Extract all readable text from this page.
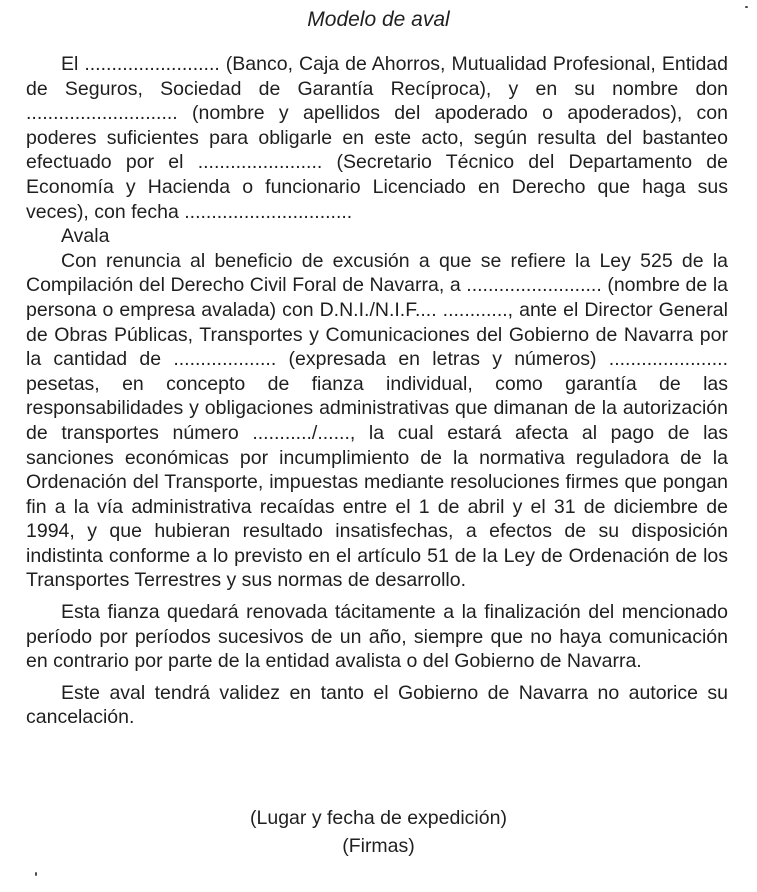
Modelo de aval

El ......................... (Banco, Caja de Ahorros, Mutualidad Profesional, Entidad de Seguros, Sociedad de Garantía Recíproca), y en su nombre don ............................ (nombre y apellidos del apoderado o apoderados), con poderes suficientes para obligarle en este acto, según resulta del bastanteo efectuado por el ....................... (Secretario Técnico del Departamento de Economía y Hacienda o funcionario Licenciado en Derecho que haga sus veces), con fecha ...............................

Avala

Con renuncia al beneficio de excusión a que se refiere la Ley 525 de la Compilación del Derecho Civil Foral de Navarra, a ......................... (nombre de la persona o empresa avalada) con D.N.I./N.I.F.... ............, ante el Director General de Obras Públicas, Transportes y Comunicaciones del Gobierno de Navarra por la cantidad de ................... (expresada en letras y números) ...................... pesetas, en concepto de fianza individual, como garantía de las responsabilidades y obligaciones administrativas que dimanan de la autorización de transportes número .........../......, la cual estará afecta al pago de las sanciones económicas por incumplimiento de la normativa reguladora de la Ordenación del Transporte, impuestas mediante resoluciones firmes que pongan fin a la vía administrativa recaídas entre el 1 de abril y el 31 de diciembre de 1994, y que hubieran resultado insatisfechas, a efectos de su disposición indistinta conforme a lo previsto en el artículo 51 de la Ley de Ordenación de los Transportes Terrestres y sus normas de desarrollo.

Esta fianza quedará renovada tácitamente a la finalización del mencionado período por períodos sucesivos de un año, siempre que no haya comunicación en contrario por parte de la entidad avalista o del Gobierno de Navarra.

Este aval tendrá validez en tanto el Gobierno de Navarra no autorice su cancelación.

(Lugar y fecha de expedición)
(Firmas)
